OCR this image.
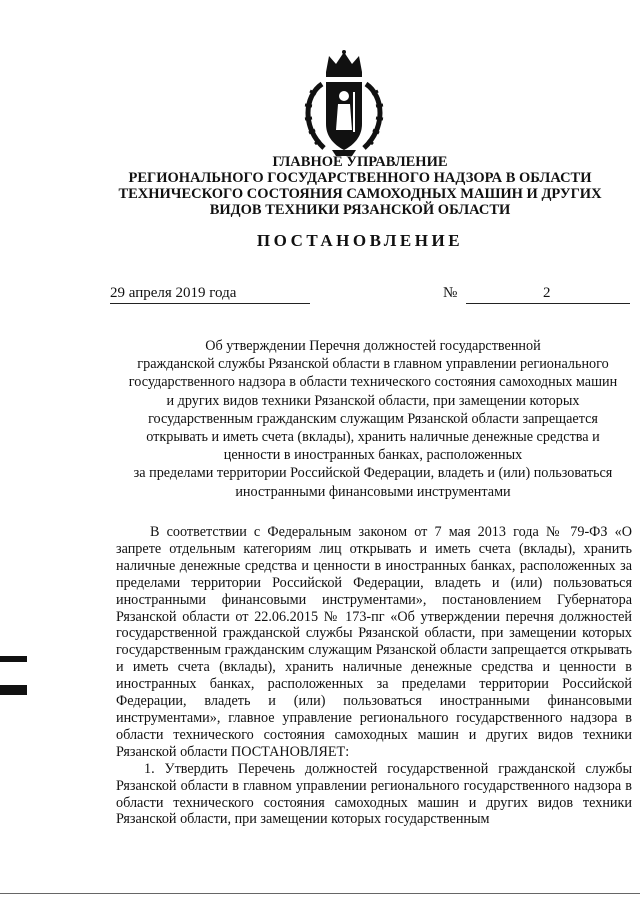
ГЛАВНОЕ УПРАВЛЕНИЕ
РЕГИОНАЛЬНОГО ГОСУДАРСТВЕННОГО НАДЗОРА В ОБЛАСТИ
ТЕХНИЧЕСКОГО СОСТОЯНИЯ САМОХОДНЫХ МАШИН И ДРУГИХ
ВИДОВ ТЕХНИКИ РЯЗАНСКОЙ ОБЛАСТИ
ПОСТАНОВЛЕНИЕ
29 апреля 2019 года	№	2
Об утверждении Перечня должностей государственной
гражданской службы Рязанской области в главном управлении регионального
государственного надзора в области технического состояния самоходных машин
и других видов техники Рязанской области, при замещении которых
государственным гражданским служащим Рязанской области запрещается
открывать и иметь счета (вклады), хранить наличные денежные средства и
ценности в иностранных банках, расположенных
за пределами территории Российской Федерации, владеть и (или) пользоваться
иностранными финансовыми инструментами

В соответствии с Федеральным законом от 7 мая 2013 года № 79-ФЗ «О запрете отдельным категориям лиц открывать и иметь счета (вклады), хранить наличные денежные средства и ценности в иностранных банках, расположенных за пределами территории Российской Федерации, владеть и (или) пользоваться иностранными финансовыми инструментами», постановлением Губернатора Рязанской области от 22.06.2015 № 173-пг «Об утверждении перечня должностей государственной гражданской службы Рязанской области, при замещении которых государственным гражданским служащим Рязанской области запрещается открывать и иметь счета (вклады), хранить наличные денежные средства и ценности в иностранных банках, расположенных за пределами территории Российской Федерации, владеть и (или) пользоваться иностранными финансовыми инструментами», главное управление регионального государственного надзора в области технического состояния самоходных машин и других видов техники Рязанской области ПОСТАНОВЛЯЕТ:

1. Утвердить Перечень должностей государственной гражданской службы Рязанской области в главном управлении регионального государственного надзора в области технического состояния самоходных машин и других видов техники Рязанской области, при замещении которых государственным
